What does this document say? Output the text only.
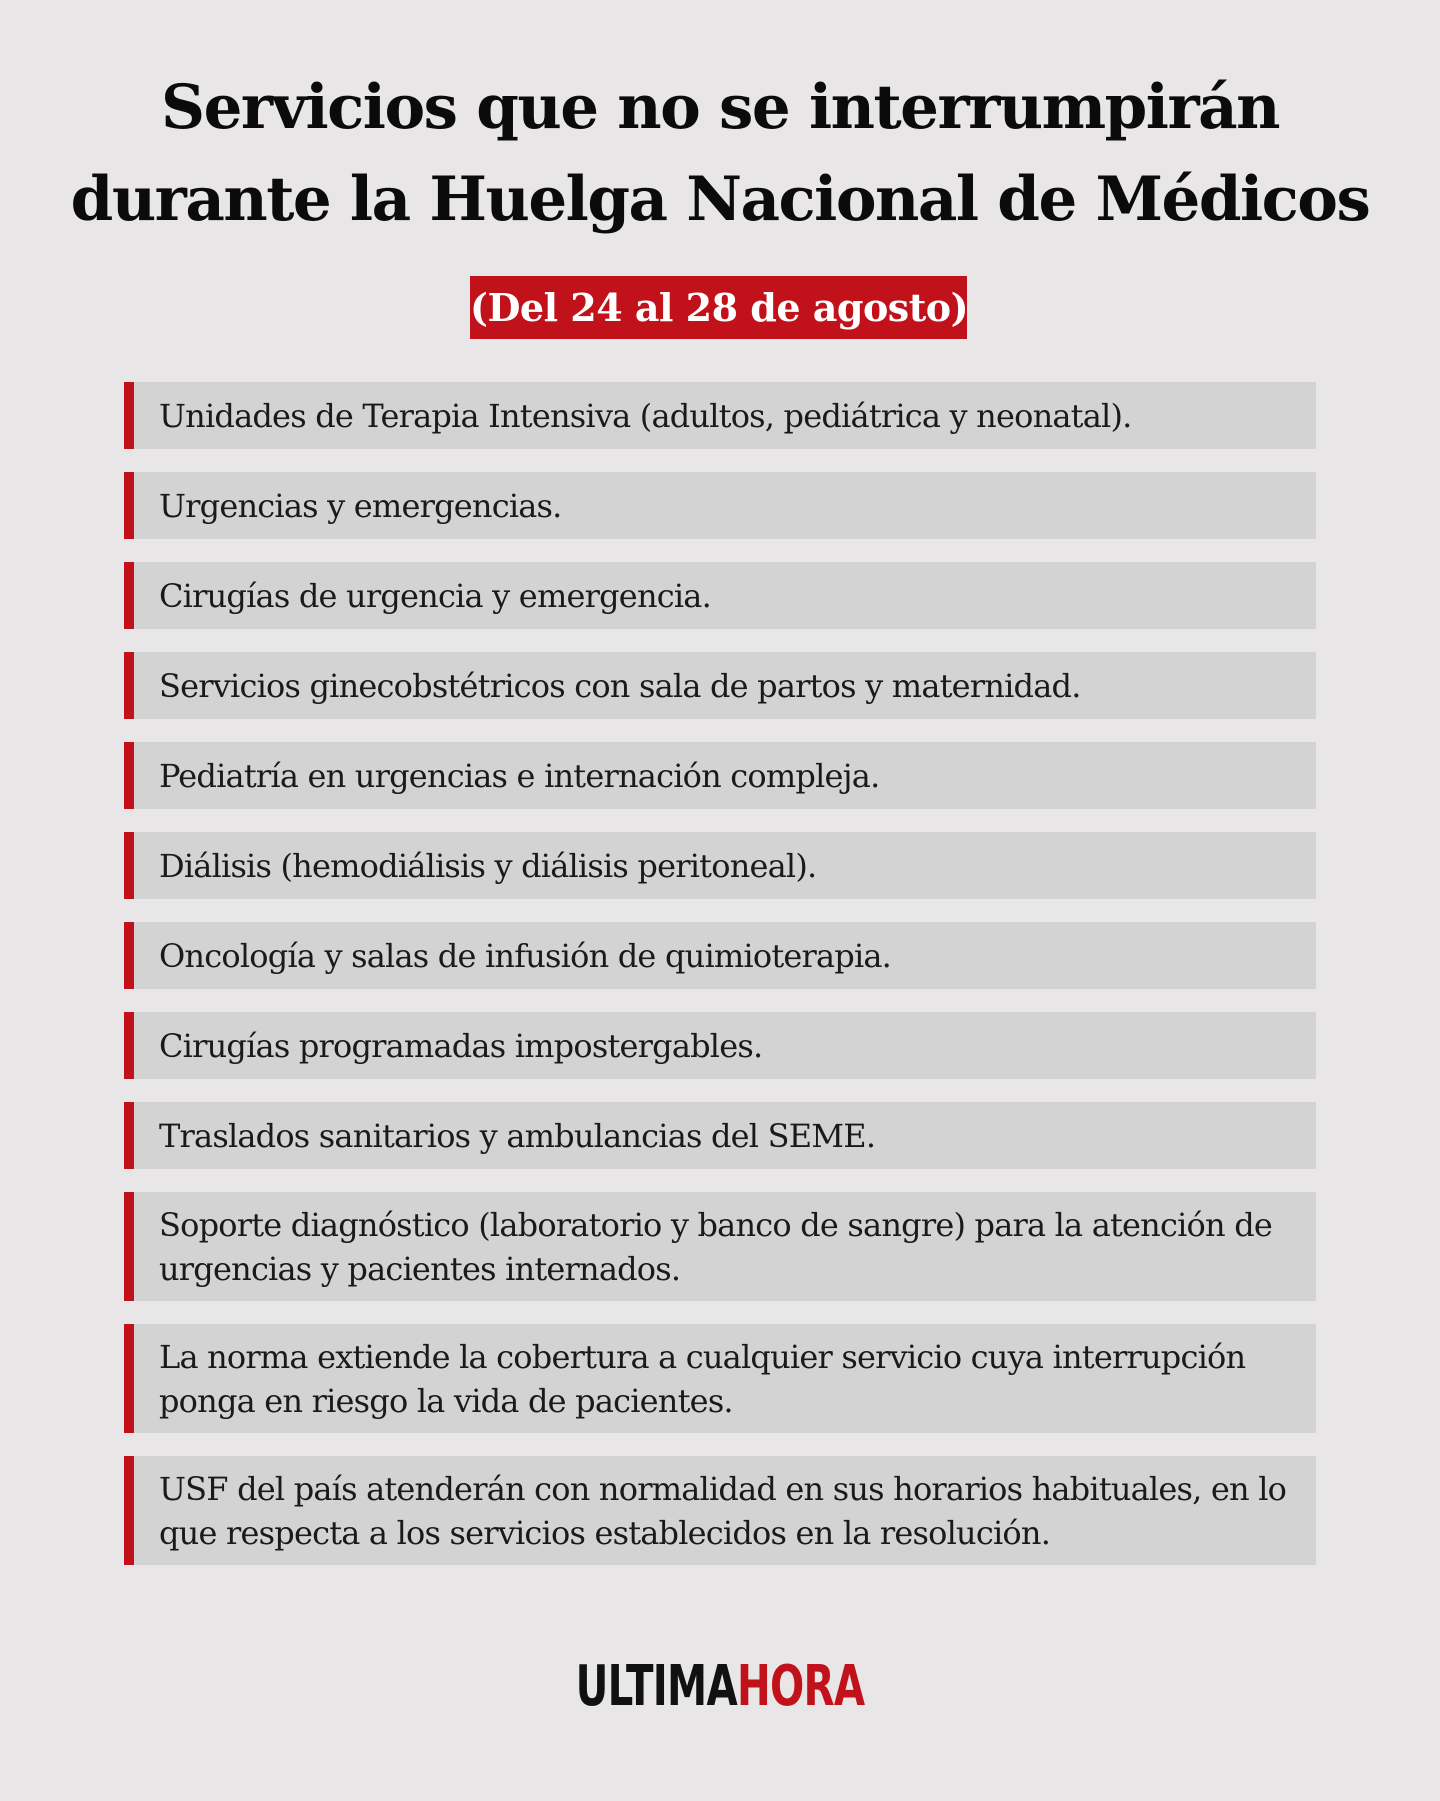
Servicios que no se interrumpirán
durante la Huelga Nacional de Médicos
(Del 24 al 28 de agosto)
Unidades de Terapia Intensiva (adultos, pediátrica y neonatal).
Urgencias y emergencias.
Cirugías de urgencia y emergencia.
Servicios ginecobstétricos con sala de partos y maternidad.
Pediatría en urgencias e internación compleja.
Diálisis (hemodiálisis y diálisis peritoneal).
Oncología y salas de infusión de quimioterapia.
Cirugías programadas impostergables.
Traslados sanitarios y ambulancias del SEME.
Soporte diagnóstico (laboratorio y banco de sangre) para la atención de urgencias y pacientes internados.
La norma extiende la cobertura a cualquier servicio cuya interrupción ponga en riesgo la vida de pacientes.
USF del país atenderán con normalidad en sus horarios habituales, en lo que respecta a los servicios establecidos en la resolución.
ULTIMAHORA
